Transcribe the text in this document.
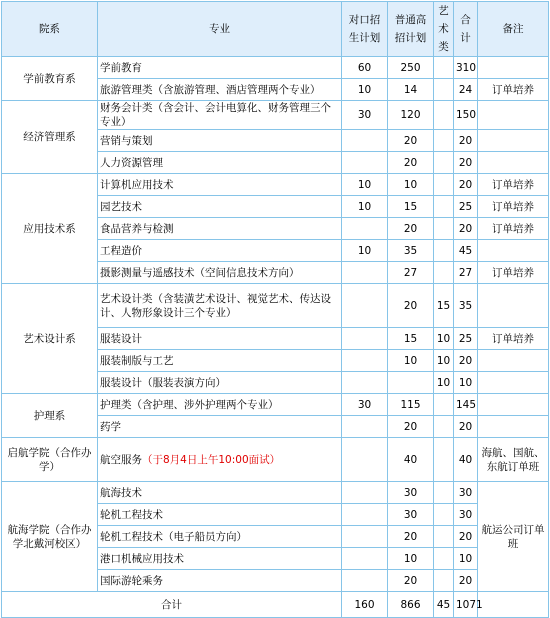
院系	专业	对口招生计划	普通高招计划	艺术类	合计	备注
学前教育系	学前教育	60	250		310	
	旅游管理类（含旅游管理、酒店管理两个专业）	10	14		24	订单培养
经济管理系	财务会计类（含会计、会计电算化、财务管理三个专业）	30	120		150	
	营销与策划		20		20	
	人力资源管理		20		20	
应用技术系	计算机应用技术	10	10		20	订单培养
	园艺技术	10	15		25	订单培养
	食品营养与检测		20		20	订单培养
	工程造价	10	35		45	
	摄影测量与遥感技术（空间信息技术方向）		27		27	订单培养
艺术设计系	艺术设计类（含装潢艺术设计、视觉艺术、传达设计、人物形象设计三个专业）		20	15	35	
	服装设计		15	10	25	订单培养
	服装制版与工艺		10	10	20	
	服装设计（服装表演方向）			10	10	
护理系	护理类（含护理、涉外护理两个专业）	30	115		145	
	药学		20		20	
启航学院（合作办学）	航空服务（于8月4日上午10:00面试）		40		40	海航、国航、东航订单班
航海学院（合作办学北戴河校区）	航海技术		30		30	航运公司订单班
	轮机工程技术		30		30	
	轮机工程技术（电子船员方向）		20		20	
	港口机械应用技术		10		10	
	国际游轮乘务		20		20	
合计		160	866	45	1071	
